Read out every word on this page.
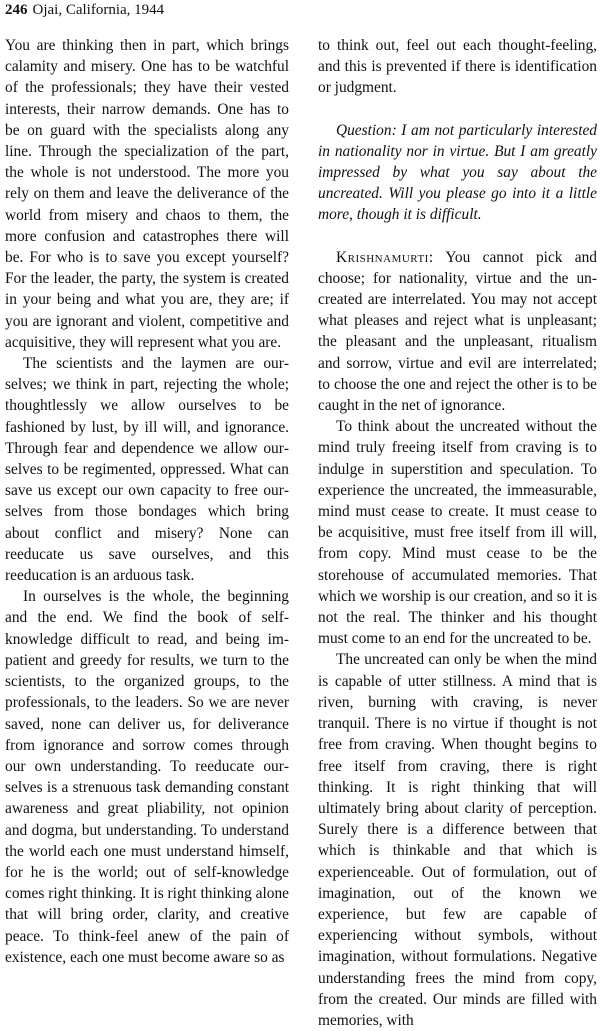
246 Ojai, California, 1944

You are thinking then in part, which brings calamity and misery. One has to be watchful of the professionals; they have their vested interests, their narrow demands. One has to be on guard with the specialists along any line. Through the specialization of the part, the whole is not understood. The more you rely on them and leave the deliverance of the world from misery and chaos to them, the more confusion and catastrophes there will be. For who is to save you except yourself? For the leader, the party, the system is created in your being and what you are, they are; if you are ignorant and violent, competitive and acquisitive, they will represent what you are.

The scientists and the laymen are ourselves; we think in part, rejecting the whole; thoughtlessly we allow ourselves to be fashioned by lust, by ill will, and ignorance. Through fear and dependence we allow ourselves to be regimented, oppressed. What can save us except our own capacity to free ourselves from those bondages which bring about conflict and misery? None can reeducate us save ourselves, and this reeducation is an arduous task.

In ourselves is the whole, the beginning and the end. We find the book of self-knowledge difficult to read, and being impatient and greedy for results, we turn to the scientists, to the organized groups, to the professionals, to the leaders. So we are never saved, none can deliver us, for deliverance from ignorance and sorrow comes through our own understanding. To reeducate ourselves is a strenuous task demanding constant awareness and great pliability, not opinion and dogma, but understanding. To understand the world each one must understand himself, for he is the world; out of self-knowledge comes right thinking. It is right thinking alone that will bring order, clarity, and creative peace. To think-feel anew of the pain of existence, each one must become aware so as

to think out, feel out each thought-feeling, and this is prevented if there is identification or judgment.

Question: I am not particularly interested in nationality nor in virtue. But I am greatly impressed by what you say about the uncreated. Will you please go into it a little more, though it is difficult.

Krishnamurti: You cannot pick and choose; for nationality, virtue and the uncreated are interrelated. You may not accept what pleases and reject what is unpleasant; the pleasant and the unpleasant, ritualism and sorrow, virtue and evil are interrelated; to choose the one and reject the other is to be caught in the net of ignorance.

To think about the uncreated without the mind truly freeing itself from craving is to indulge in superstition and speculation. To experience the uncreated, the immeasurable, mind must cease to create. It must cease to be acquisitive, must free itself from ill will, from copy. Mind must cease to be the storehouse of accumulated memories. That which we worship is our creation, and so it is not the real. The thinker and his thought must come to an end for the uncreated to be.

The uncreated can only be when the mind is capable of utter stillness. A mind that is riven, burning with craving, is never tranquil. There is no virtue if thought is not free from craving. When thought begins to free itself from craving, there is right thinking. It is right thinking that will ultimately bring about clarity of perception. Surely there is a difference between that which is thinkable and that which is experienceable. Out of formulation, out of imagination, out of the known we experience, but few are capable of experiencing without symbols, without imagination, without formulations. Negative understanding frees the mind from copy, from the created. Our minds are filled with memories, with
